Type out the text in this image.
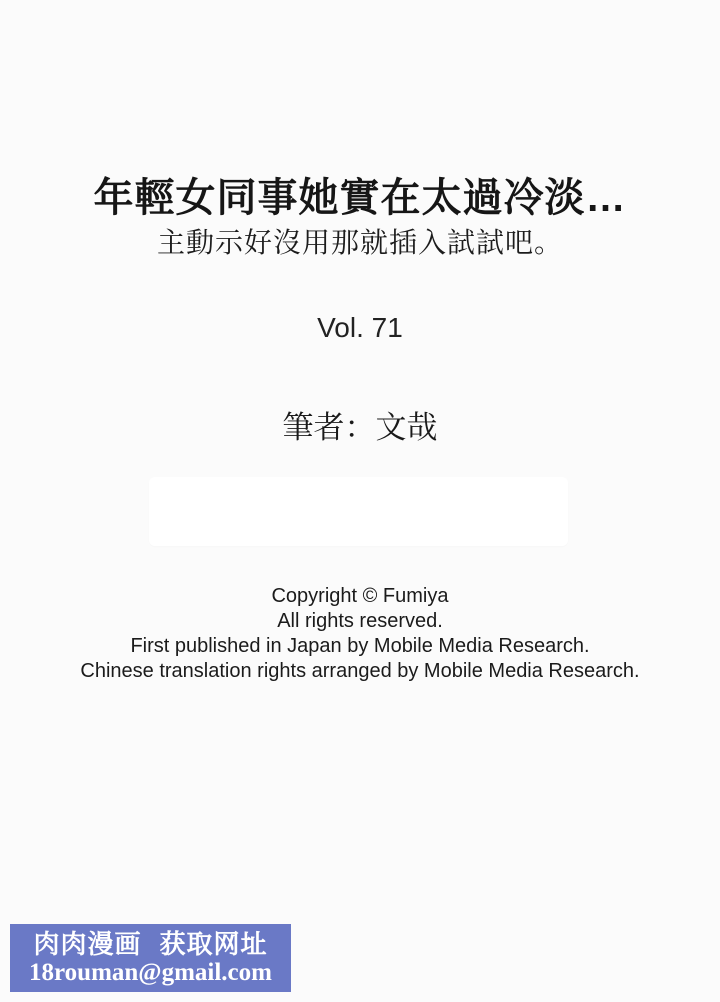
年輕女同事她實在太過冷淡…
主動示好沒用那就插入試試吧。
Vol. 71
筆者：文哉
Copyright © Fumiya
All rights reserved.
First published in Japan by Mobile Media Research.
Chinese translation rights arranged by Mobile Media Research.
肉肉漫画 获取网址
18rouman@gmail.com
